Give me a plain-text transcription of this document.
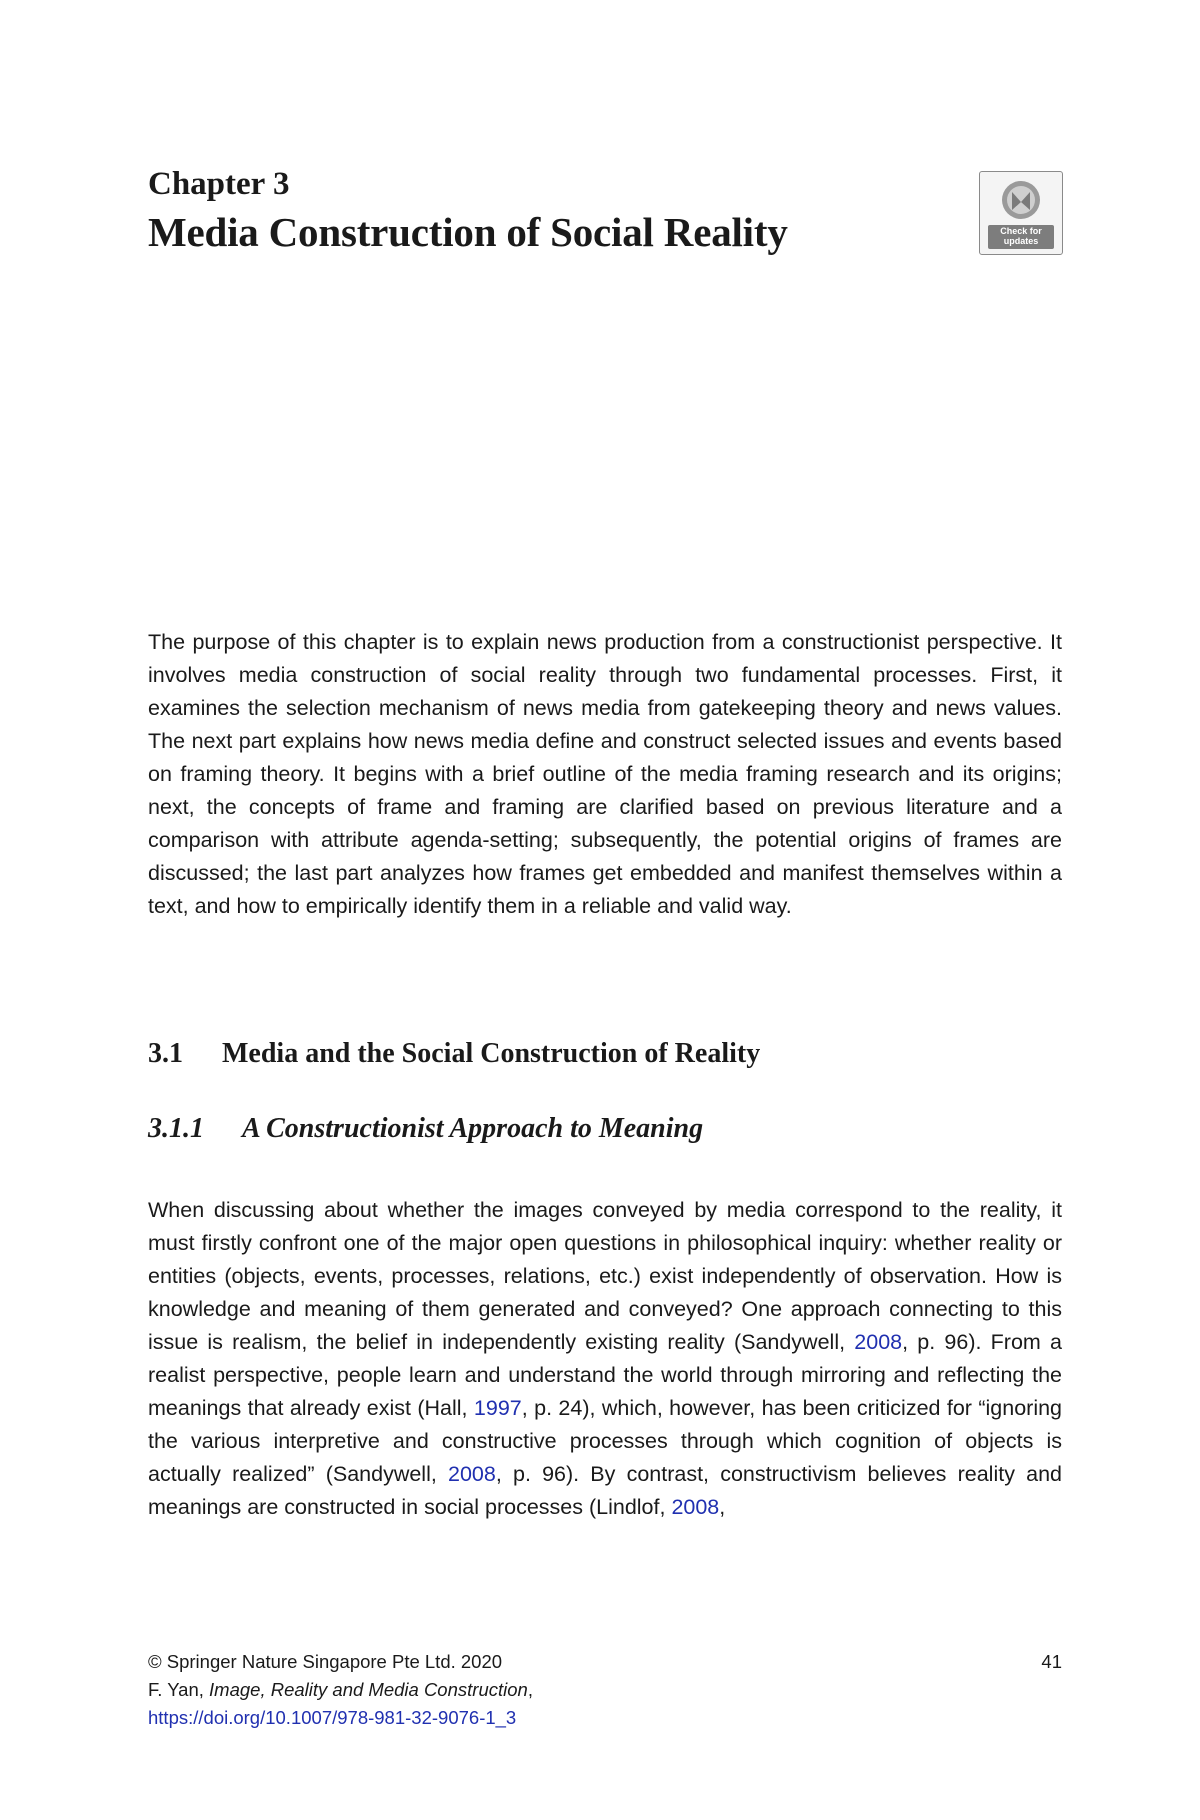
Chapter 3
Media Construction of Social Reality	Check for updates

The purpose of this chapter is to explain news production from a constructionist perspective. It involves media construction of social reality through two fundamental processes. First, it examines the selection mechanism of news media from gatekeeping theory and news values. The next part explains how news media define and construct selected issues and events based on framing theory. It begins with a brief outline of the media framing research and its origins; next, the concepts of frame and framing are clarified based on previous literature and a comparison with attribute agenda-setting; subsequently, the potential origins of frames are discussed; the last part analyzes how frames get embedded and manifest themselves within a text, and how to empirically identify them in a reliable and valid way.

3.1 Media and the Social Construction of Reality
3.1.1 A Constructionist Approach to Meaning

When discussing about whether the images conveyed by media correspond to the reality, it must firstly confront one of the major open questions in philosophical inquiry: whether reality or entities (objects, events, processes, relations, etc.) exist independently of observation. How is knowledge and meaning of them generated and conveyed? One approach connecting to this issue is realism, the belief in independently existing reality (Sandywell, 2008, p. 96). From a realist perspective, people learn and understand the world through mirroring and reflecting the meanings that already exist (Hall, 1997, p. 24), which, however, has been criticized for “ignoring the various interpretive and constructive processes through which cognition of objects is actually realized” (Sandywell, 2008, p. 96). By contrast, constructivism believes reality and meanings are constructed in social processes (Lindlof, 2008,

© Springer Nature Singapore Pte Ltd. 2020
F. Yan, Image, Reality and Media Construction,
https://doi.org/10.1007/978-981-32-9076-1_3
41
